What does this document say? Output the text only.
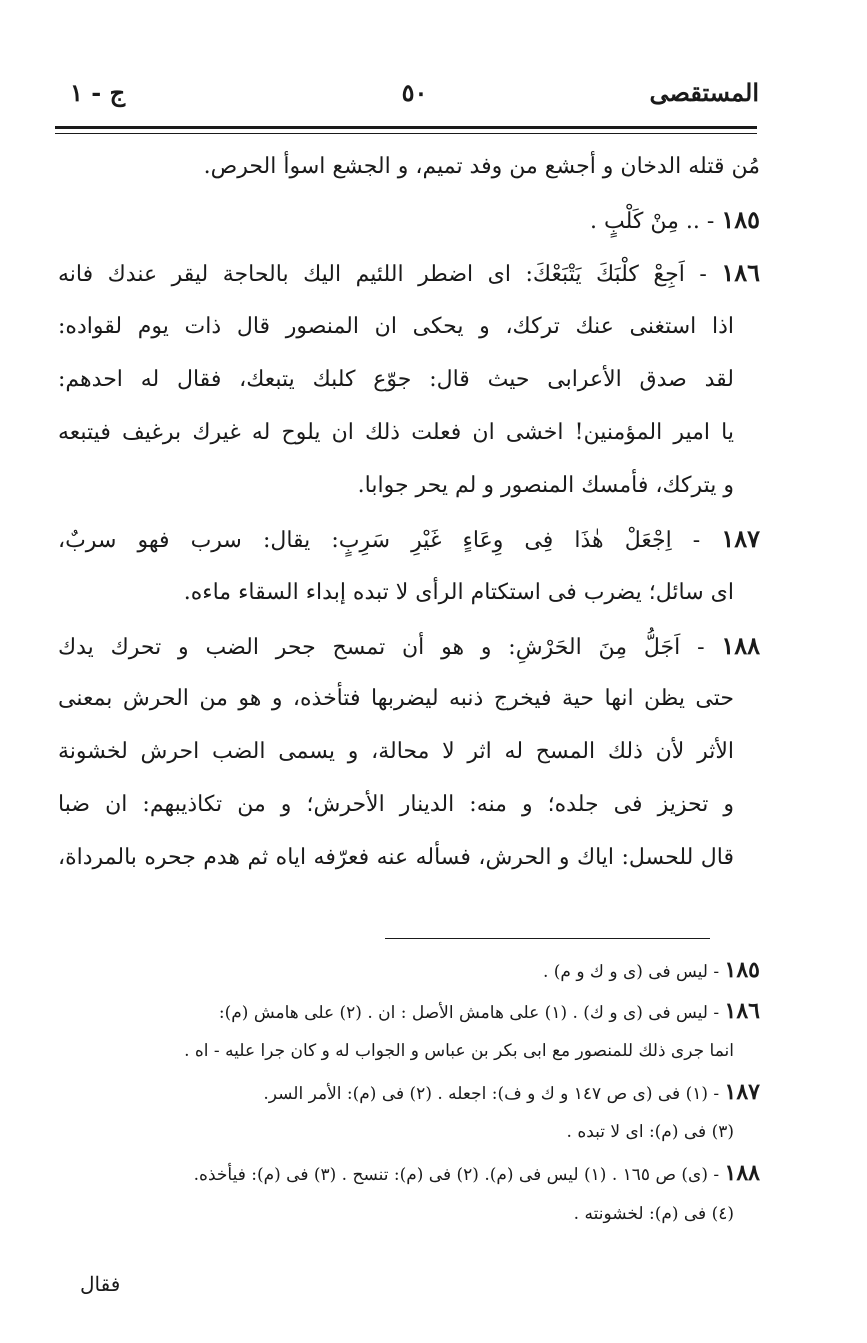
المستقصى
٥٠
ج - ١
مُن قتله الدخان و أجشع من وفد تميم، و الجشع اسوأ الحرص.
١٨٥ - .. مِنْ كَلْبٍ .
١٨٦ - اَجِعْ كلْبَكَ يَتْبَعْكَ: اى اضطر اللئيم اليك بالحاجة ليقر عندك فانه
اذا استغنى عنك تركك، و يحكى ان المنصور قال ذات يوم لقواده:
لقد صدق الأعرابى حيث قال: جوّع كلبك يتبعك، فقال له احدهم:
يا امير المؤمنين! اخشى ان فعلت ذلك ان يلوح له غيرك برغيف فيتبعه
و يتركك، فأمسك المنصور و لم يحر جوابا.
١٨٧ - اِجْعَلْ هٰذَا فِى وِعَاءٍ غَيْرِ سَرِبٍ: يقال: سرب فهو سربٌ،
اى سائل؛ يضرب فى استكتام الرأى لا تبده إبداء السقاء ماءه.
١٨٨ - اَجَلُّ مِنَ الحَرْشِ: و هو أن تمسح جحر الضب و تحرك يدك
حتى يظن انها حية فيخرج ذنبه ليضربها فتأخذه، و هو من الحرش بمعنى
الأثر لأن ذلك المسح له اثر لا محالة، و يسمى الضب احرش لخشونة
و تحزيز فى جلده؛ و منه: الدينار الأحرش؛ و من تكاذيبهم: ان ضبا
قال للحسل: اياك و الحرش، فسأله عنه فعرّفه اياه ثم هدم جحره بالمرداة،
١٨٥ - ليس فى (ى و ك و م) .
١٨٦ - ليس فى (ى و ك) . (١) على هامش الأصل : ان . (٢) على هامش (م):
انما جرى ذلك للمنصور مع ابى بكر بن عباس و الجواب له و كان جرا عليه - اه .
١٨٧ - (١) فى (ى ص ١٤٧ و ك و ف): اجعله . (٢) فى (م): الأمر السر.
(٣) فى (م): اى لا تبده .
١٨٨ - (ى) ص ١٦٥ . (١) ليس فى (م). (٢) فى (م): تنسح . (٣) فى (م): فيأخذه.
(٤) فى (م): لخشونته .
فقال
